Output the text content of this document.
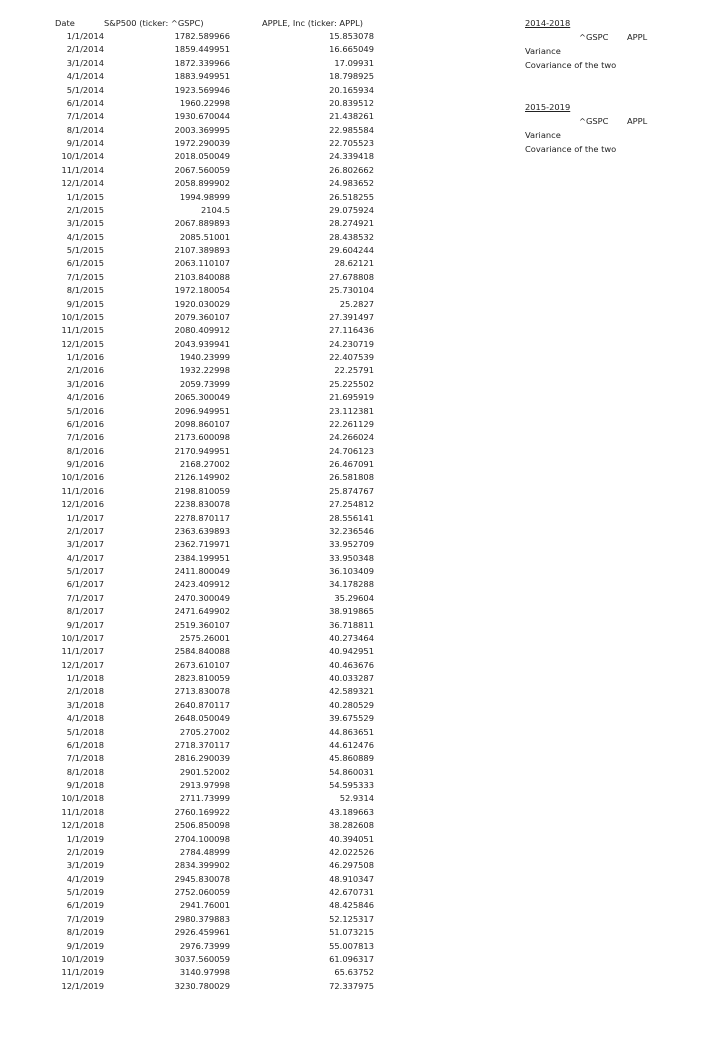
Date	S&P500 (ticker: ^GSPC)	APPLE, Inc (ticker: APPL)
1/1/2014	1782.589966	15.853078
2/1/2014	1859.449951	16.665049
3/1/2014	1872.339966	17.09931
4/1/2014	1883.949951	18.798925
5/1/2014	1923.569946	20.165934
6/1/2014	1960.22998	20.839512
7/1/2014	1930.670044	21.438261
8/1/2014	2003.369995	22.985584
9/1/2014	1972.290039	22.705523
10/1/2014	2018.050049	24.339418
11/1/2014	2067.560059	26.802662
12/1/2014	2058.899902	24.983652
1/1/2015	1994.98999	26.518255
2/1/2015	2104.5	29.075924
3/1/2015	2067.889893	28.274921
4/1/2015	2085.51001	28.438532
5/1/2015	2107.389893	29.604244
6/1/2015	2063.110107	28.62121
7/1/2015	2103.840088	27.678808
8/1/2015	1972.180054	25.730104
9/1/2015	1920.030029	25.2827
10/1/2015	2079.360107	27.391497
11/1/2015	2080.409912	27.116436
12/1/2015	2043.939941	24.230719
1/1/2016	1940.23999	22.407539
2/1/2016	1932.22998	22.25791
3/1/2016	2059.73999	25.225502
4/1/2016	2065.300049	21.695919
5/1/2016	2096.949951	23.112381
6/1/2016	2098.860107	22.261129
7/1/2016	2173.600098	24.266024
8/1/2016	2170.949951	24.706123
9/1/2016	2168.27002	26.467091
10/1/2016	2126.149902	26.581808
11/1/2016	2198.810059	25.874767
12/1/2016	2238.830078	27.254812
1/1/2017	2278.870117	28.556141
2/1/2017	2363.639893	32.236546
3/1/2017	2362.719971	33.952709
4/1/2017	2384.199951	33.950348
5/1/2017	2411.800049	36.103409
6/1/2017	2423.409912	34.178288
7/1/2017	2470.300049	35.29604
8/1/2017	2471.649902	38.919865
9/1/2017	2519.360107	36.718811
10/1/2017	2575.26001	40.273464
11/1/2017	2584.840088	40.942951
12/1/2017	2673.610107	40.463676
1/1/2018	2823.810059	40.033287
2/1/2018	2713.830078	42.589321
3/1/2018	2640.870117	40.280529
4/1/2018	2648.050049	39.675529
5/1/2018	2705.27002	44.863651
6/1/2018	2718.370117	44.612476
7/1/2018	2816.290039	45.860889
8/1/2018	2901.52002	54.860031
9/1/2018	2913.97998	54.595333
10/1/2018	2711.73999	52.9314
11/1/2018	2760.169922	43.189663
12/1/2018	2506.850098	38.282608
1/1/2019	2704.100098	40.394051
2/1/2019	2784.48999	42.022526
3/1/2019	2834.399902	46.297508
4/1/2019	2945.830078	48.910347
5/1/2019	2752.060059	42.670731
6/1/2019	2941.76001	48.425846
7/1/2019	2980.379883	52.125317
8/1/2019	2926.459961	51.073215
9/1/2019	2976.73999	55.007813
10/1/2019	3037.560059	61.096317
11/1/2019	3140.97998	65.63752
12/1/2019	3230.780029	72.337975
2014-2018
^GSPC APPL
Variance
Covariance of the two
2015-2019
^GSPC APPL
Variance
Covariance of the two
